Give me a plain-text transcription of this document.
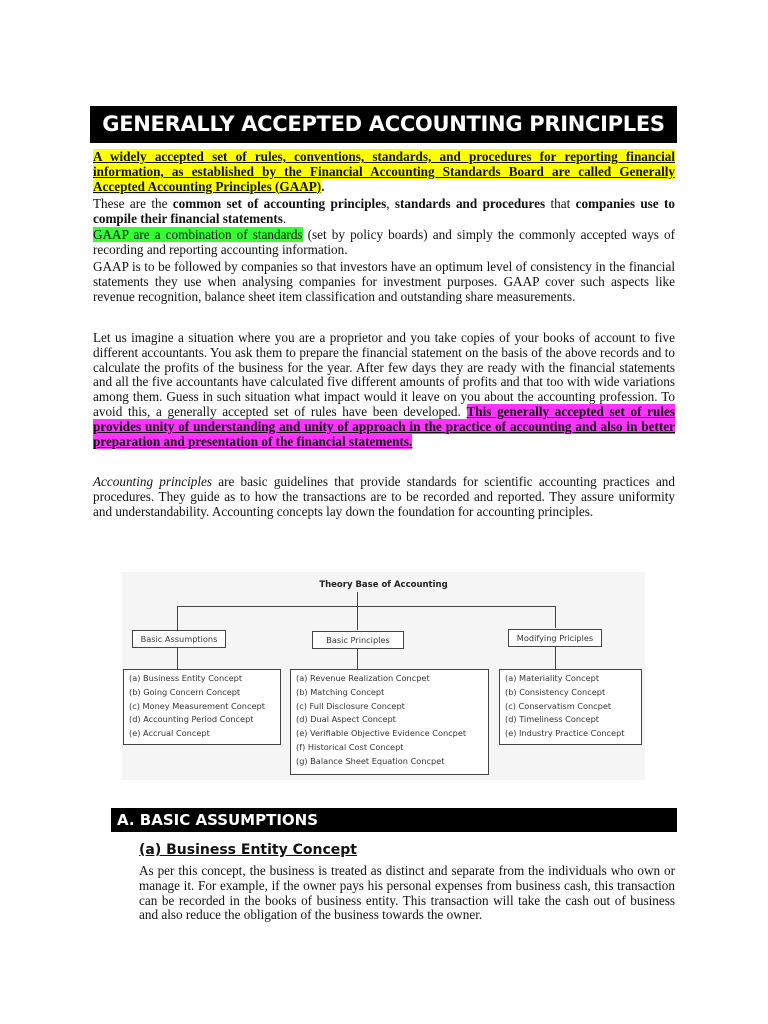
GENERALLY ACCEPTED ACCOUNTING PRINCIPLES
A widely accepted set of rules, conventions, standards, and procedures for reporting financial information, as established by the Financial Accounting Standards Board are called Generally Accepted Accounting Principles (GAAP).
These are the common set of accounting principles, standards and procedures that companies use to compile their financial statements.
GAAP are a combination of standards (set by policy boards) and simply the commonly accepted ways of recording and reporting accounting information.
GAAP is to be followed by companies so that investors have an optimum level of consistency in the financial statements they use when analysing companies for investment purposes. GAAP cover such aspects like revenue recognition, balance sheet item classification and outstanding share measurements.
Let us imagine a situation where you are a proprietor and you take copies of your books of account to five different accountants. You ask them to prepare the financial statement on the basis of the above records and to calculate the profits of the business for the year. After few days they are ready with the financial statements and all the five accountants have calculated five different amounts of profits and that too with wide variations among them. Guess in such situation what impact would it leave on you about the accounting profession. To avoid this, a generally accepted set of rules have been developed. This generally accepted set of rules provides unity of understanding and unity of approach in the practice of accounting and also in better preparation and presentation of the financial statements.
Accounting principles are basic guidelines that provide standards for scientific accounting practices and procedures. They guide as to how the transactions are to be recorded and reported. They assure uniformity and understandability. Accounting concepts lay down the foundation for accounting principles.
Theory Base of Accounting
Basic Assumptions	Basic Principles	Modifying Priciples
(a) Business Entity Concept
(b) Going Concern Concept
(c) Money Measurement Concept
(d) Accounting Period Concept
(e) Accrual Concept
(a) Revenue Realization Concpet
(b) Matching Concept
(c) Full Disclosure Concept
(d) Dual Aspect Concept
(e) Verifiable Objective Evidence Concpet
(f) Historical Cost Concept
(g) Balance Sheet Equation Concpet
(a) Materiality Concept
(b) Consistency Concept
(c) Conservatism Concpet
(d) Timeliness Concept
(e) Industry Practice Concept
A. BASIC ASSUMPTIONS
(a) Business Entity Concept
As per this concept, the business is treated as distinct and separate from the individuals who own or manage it. For example, if the owner pays his personal expenses from business cash, this transaction can be recorded in the books of business entity. This transaction will take the cash out of business and also reduce the obligation of the business towards the owner.
